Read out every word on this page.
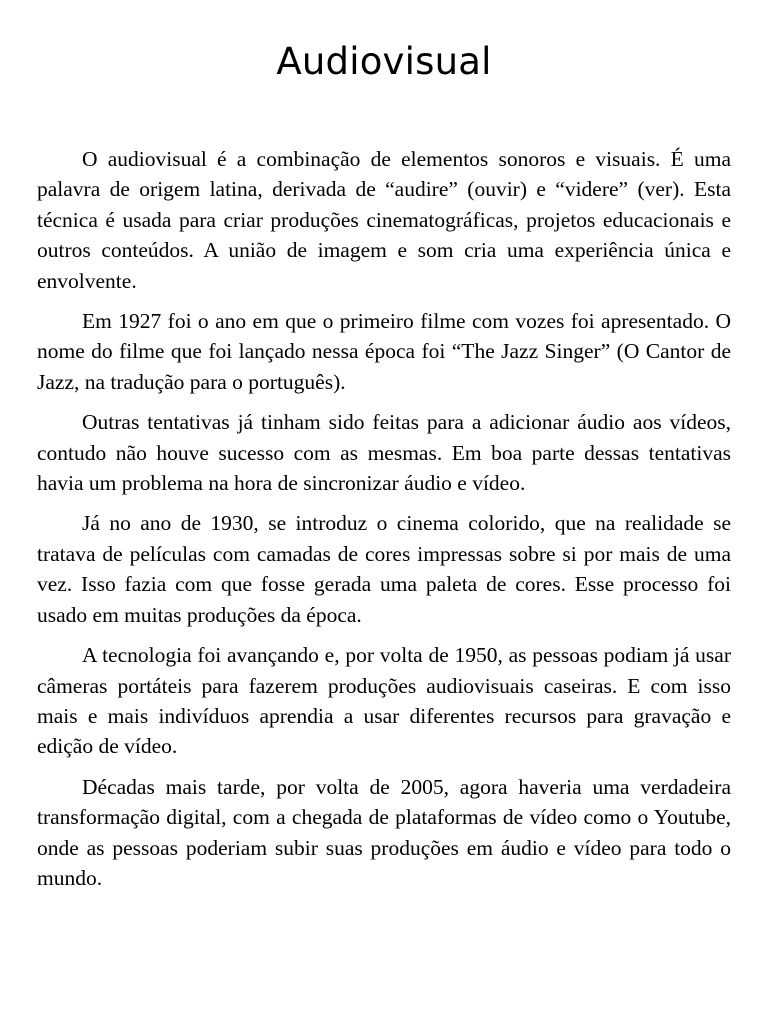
Audiovisual

O audiovisual é a combinação de elementos sonoros e visuais. É uma palavra de origem latina, derivada de “audire” (ouvir) e “videre” (ver). Esta técnica é usada para criar produções cinematográficas, projetos educacionais e outros conteúdos. A união de imagem e som cria uma experiência única e envolvente.

Em 1927 foi o ano em que o primeiro filme com vozes foi apresentado. O nome do filme que foi lançado nessa época foi “The Jazz Singer” (O Cantor de Jazz, na tradução para o português).

Outras tentativas já tinham sido feitas para a adicionar áudio aos vídeos, contudo não houve sucesso com as mesmas. Em boa parte dessas tentativas havia um problema na hora de sincronizar áudio e vídeo.

Já no ano de 1930, se introduz o cinema colorido, que na realidade se tratava de películas com camadas de cores impressas sobre si por mais de uma vez. Isso fazia com que fosse gerada uma paleta de cores. Esse processo foi usado em muitas produções da época.

A tecnologia foi avançando e, por volta de 1950, as pessoas podiam já usar câmeras portáteis para fazerem produções audiovisuais caseiras. E com isso mais e mais indivíduos aprendia a usar diferentes recursos para gravação e edição de vídeo.

Décadas mais tarde, por volta de 2005, agora haveria uma verdadeira transformação digital, com a chegada de plataformas de vídeo como o Youtube, onde as pessoas poderiam subir suas produções em áudio e vídeo para todo o mundo.
